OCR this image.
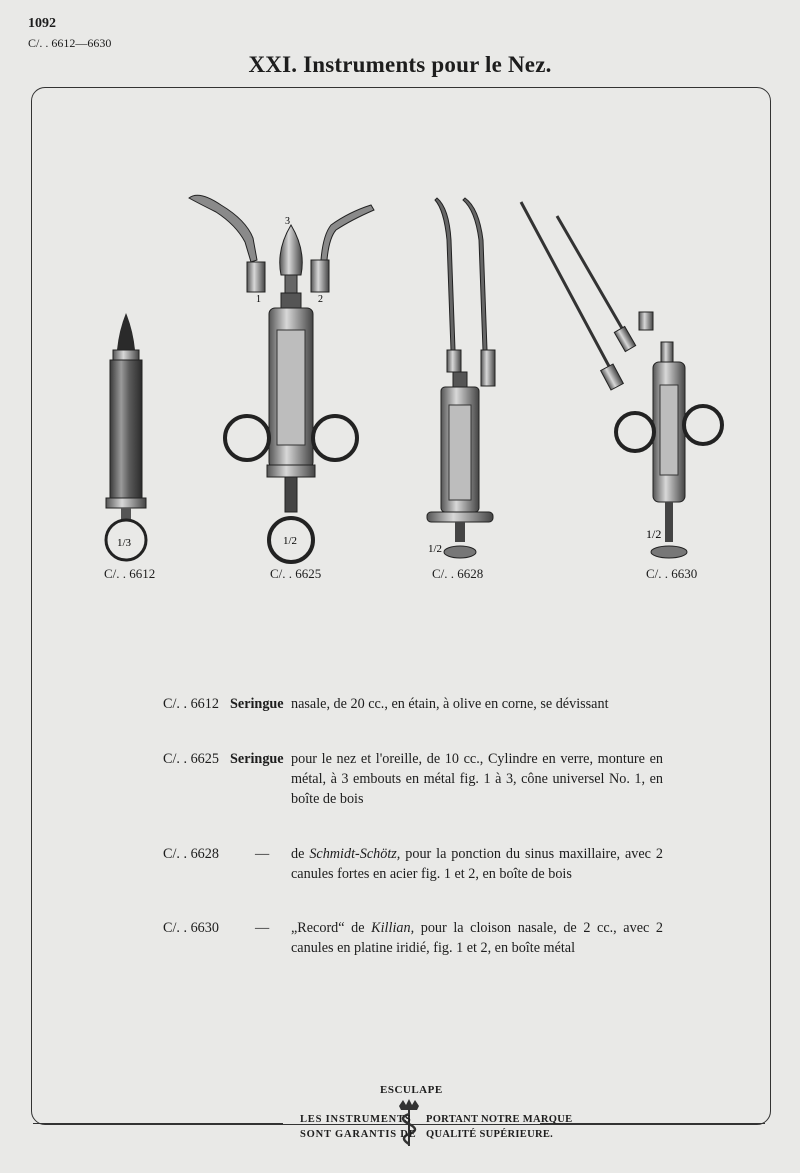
1092
C/. . 6612—6630
XXI. Instruments pour le Nez.
1/3
1	2
3
1/2
1/2
1/2
C/. . 6612	C/. . 6625	C/. . 6628	C/. . 6630
C/. . 6612 Seringue nasale, de 20 cc., en étain, à olive en corne, se dévissant
C/. . 6625 Seringue pour le nez et l'oreille, de 10 cc., Cylindre en verre, monture en métal, à 3 embouts en métal fig. 1 à 3, cône universel No. 1, en boîte de bois
C/. . 6628	— de Schmidt-Schötz, pour la ponction du sinus maxillaire, avec 2 canules fortes en acier fig. 1 et 2, en boîte de bois
C/. . 6630	— „Record“ de Killian, pour la cloison nasale, de 2 cc., avec 2 canules en platine iridié, fig. 1 et 2, en boîte métal
ESCULAPE
LES INSTRUMENTS
SONT GARANTIS DE
PORTANT NOTRE MARQUE
QUALITÉ SUPÉRIEURE.
